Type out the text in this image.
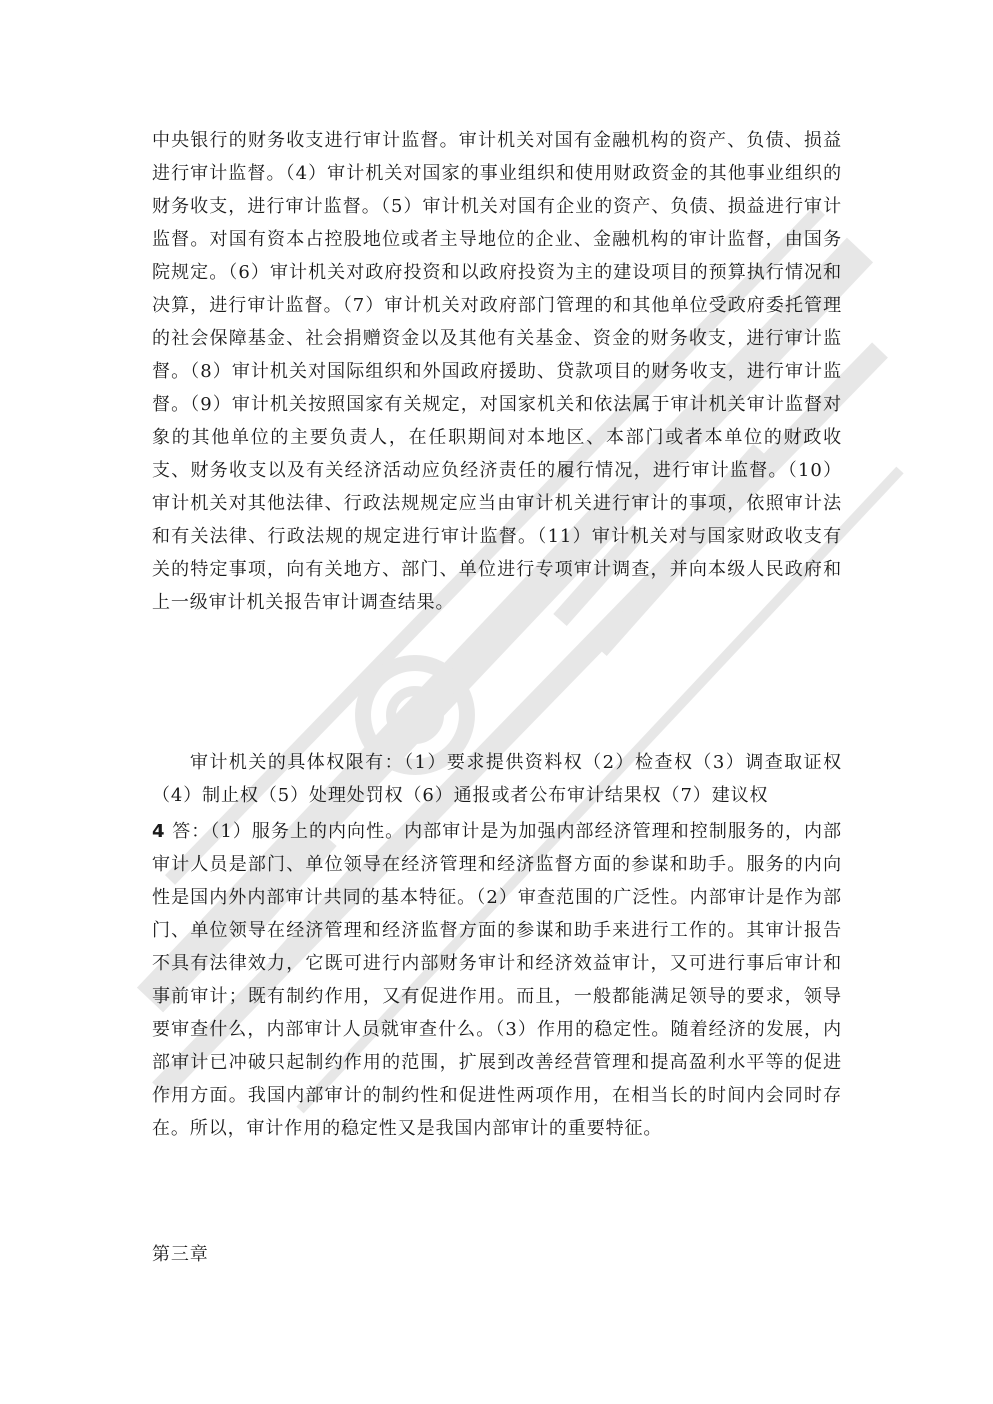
中央银行的财务收支进行审计监督。审计机关对国有金融机构的资产、负债、损益进行审计监督。（4）审计机关对国家的事业组织和使用财政资金的其他事业组织的财务收支，进行审计监督。（5）审计机关对国有企业的资产、负债、损益进行审计监督。对国有资本占控股地位或者主导地位的企业、金融机构的审计监督，由国务院规定。（6）审计机关对政府投资和以政府投资为主的建设项目的预算执行情况和决算，进行审计监督。（7）审计机关对政府部门管理的和其他单位受政府委托管理的社会保障基金、社会捐赠资金以及其他有关基金、资金的财务收支，进行审计监督。（8）审计机关对国际组织和外国政府援助、贷款项目的财务收支，进行审计监督。（9）审计机关按照国家有关规定，对国家机关和依法属于审计机关审计监督对象的其他单位的主要负责人，在任职期间对本地区、本部门或者本单位的财政收支、财务收支以及有关经济活动应负经济责任的履行情况，进行审计监督。（10）审计机关对其他法律、行政法规规定应当由审计机关进行审计的事项，依照审计法和有关法律、行政法规的规定进行审计监督。（11）审计机关对与国家财政收支有关的特定事项，向有关地方、部门、单位进行专项审计调查，并向本级人民政府和上一级审计机关报告审计调查结果。

审计机关的具体权限有：（1）要求提供资料权（2）检查权（3）调查取证权（4）制止权（5）处理处罚权（6）通报或者公布审计结果权（7）建议权

4 答：（1）服务上的内向性。内部审计是为加强内部经济管理和控制服务的，内部审计人员是部门、单位领导在经济管理和经济监督方面的参谋和助手。服务的内向性是国内外内部审计共同的基本特征。（2）审查范围的广泛性。内部审计是作为部门、单位领导在经济管理和经济监督方面的参谋和助手来进行工作的。其审计报告不具有法律效力，它既可进行内部财务审计和经济效益审计，又可进行事后审计和事前审计；既有制约作用，又有促进作用。而且，一般都能满足领导的要求，领导要审查什么，内部审计人员就审查什么。（3）作用的稳定性。随着经济的发展，内部审计已冲破只起制约作用的范围，扩展到改善经营管理和提高盈利水平等的促进作用方面。我国内部审计的制约性和促进性两项作用，在相当长的时间内会同时存在。所以，审计作用的稳定性又是我国内部审计的重要特征。

第三章
